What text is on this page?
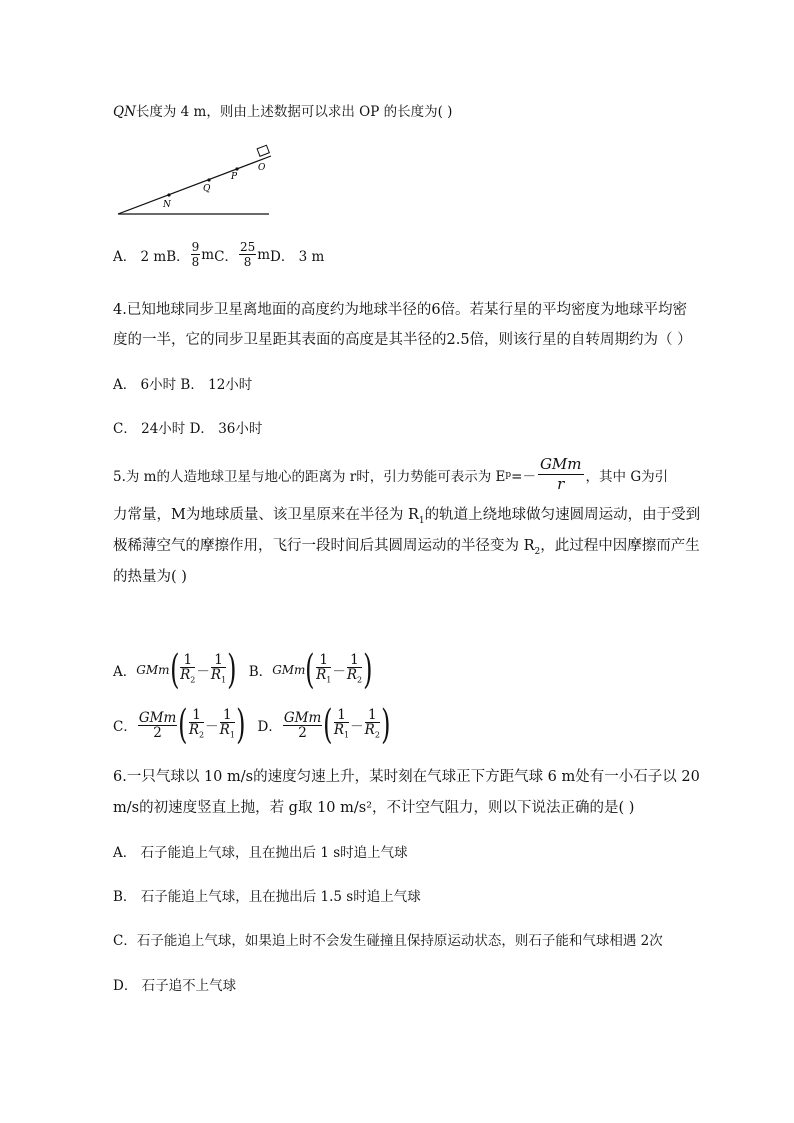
QN长度为 4 m，则由上述数据可以求出 OP 的长度为( )
N
Q
P
O
A． 2 m B． $\frac{9}{8}$ m C． $\frac{25}{8}$ m D． 3 m
4.已知地球同步卫星离地面的高度约为地球半径的6倍。若某行星的平均密度为地球平均密
度的一半，它的同步卫星距其表面的高度是其半径的2.5倍，则该行星的自转周期约为（ ）
A． 6小时 B． 12小时
C． 24小时 D． 36小时
5.为 m的人造地球卫星与地心的距离为 r时，引力势能可表示为 E p =－
GMm
r	，其中 G为引
力常量，M为地球质量、该卫星原来在半径为 $R_1$的轨道上绕地球做匀速圆周运动，由于受到
极稀薄空气的摩擦作用，飞行一段时间后其圆周运动的半径变为 $R_2$，此过程中因摩擦而产生
的热量为( )
A． GMm ( $\frac{1}{R_2} - \frac{1}{R_1}$ ) B． GMm ( $\frac{1}{R_1} - \frac{1}{R_2}$ )
C． $\frac{\text{GMm}}{2}$ ( $\frac{1}{R_2} - \frac{1}{R_1}$ ) D． $\frac{\text{GMm}}{2}$ ( $\frac{1}{R_1} - \frac{1}{R_2}$ )
6.一只气球以 10 m/s的速度匀速上升，某时刻在气球正下方距气球 6 m处有一小石子以 20
m/s的初速度竖直上抛，若 g取 10 m/s²，不计空气阻力，则以下说法正确的是( )
A． 石子能追上气球，且在抛出后 1 s时追上气球
B． 石子能追上气球，且在抛出后 1.5 s时追上气球
C．石子能追上气球，如果追上时不会发生碰撞且保持原运动状态，则石子能和气球相遇 2次
D． 石子追不上气球
